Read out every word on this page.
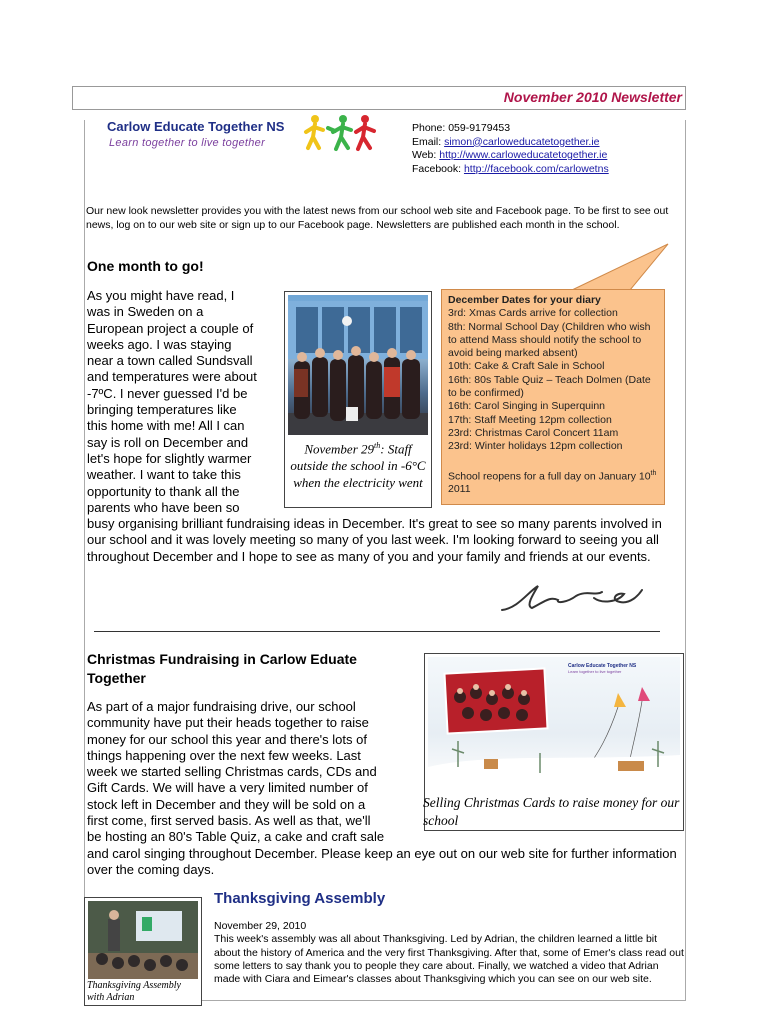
November 2010 Newsletter
Carlow Educate Together NS
Learn together to live together
Phone: 059-9179453
Email: simon@carloweducatetogether.ie
Web: http://www.carloweducatetogether.ie
Facebook: http://facebook.com/carlowetns
Our new look newsletter provides you with the latest news from our school web site and Facebook page. To be first to see out news, log on to our web site or sign up to our Facebook page. Newsletters are published each month in the school.
One month to go!
As you might have read, I
was in Sweden on a
European project a couple of
weeks ago. I was staying
near a town called Sundsvall
and temperatures were about
-7ºC. I never guessed I'd be
bringing temperatures like
this home with me! All I can
say is roll on December and
let's hope for slightly warmer
weather. I want to take this
opportunity to thank all the
parents who have been so
busy organising brilliant fundraising ideas in December. It's great to see so many parents involved in our school and it was lovely meeting so many of you last week. I'm looking forward to seeing you all throughout December and I hope to see as many of you and your family and friends at our events.
November 29th: Staff outside the school in -6°C when the electricity went
December Dates for your diary
3rd: Xmas Cards arrive for collection
8th: Normal School Day (Children who wish to attend Mass should notify the school to avoid being marked absent)
10th: Cake & Craft Sale in School
16th: 80s Table Quiz – Teach Dolmen (Date to be confirmed)
16th: Carol Singing in Superquinn
17th: Staff Meeting 12pm collection
23rd: Christmas Carol Concert 11am
23rd: Winter holidays 12pm collection
School reopens for a full day on January 10th 2011
Christmas Fundraising in Carlow Eduate Together
As part of a major fundraising drive, our school
community have put their heads together to raise
money for our school this year and there's lots of
things happening over the next few weeks. Last
week we started selling Christmas cards, CDs and
Gift Cards. We will have a very limited number of
stock left in December and they will be sold on a
first come, first served basis. As well as that, we'll
be hosting an 80's Table Quiz, a cake and craft sale
and carol singing throughout December. Please keep an eye out on our web site for further information over the coming days.
Carlow Educate Together NS
Learn together to live together
Selling Christmas Cards to raise money for our school
Thanksgiving Assembly with Adrian
Thanksgiving Assembly
November 29, 2010
This week's assembly was all about Thanksgiving. Led by Adrian, the children learned a little bit about the history of America and the very first Thanksgiving. After that, some of Emer's class read out some letters to say thank you to people they care about. Finally, we watched a video that Adrian made with Ciara and Eimear's classes about Thanksgiving which you can see on our web site.
